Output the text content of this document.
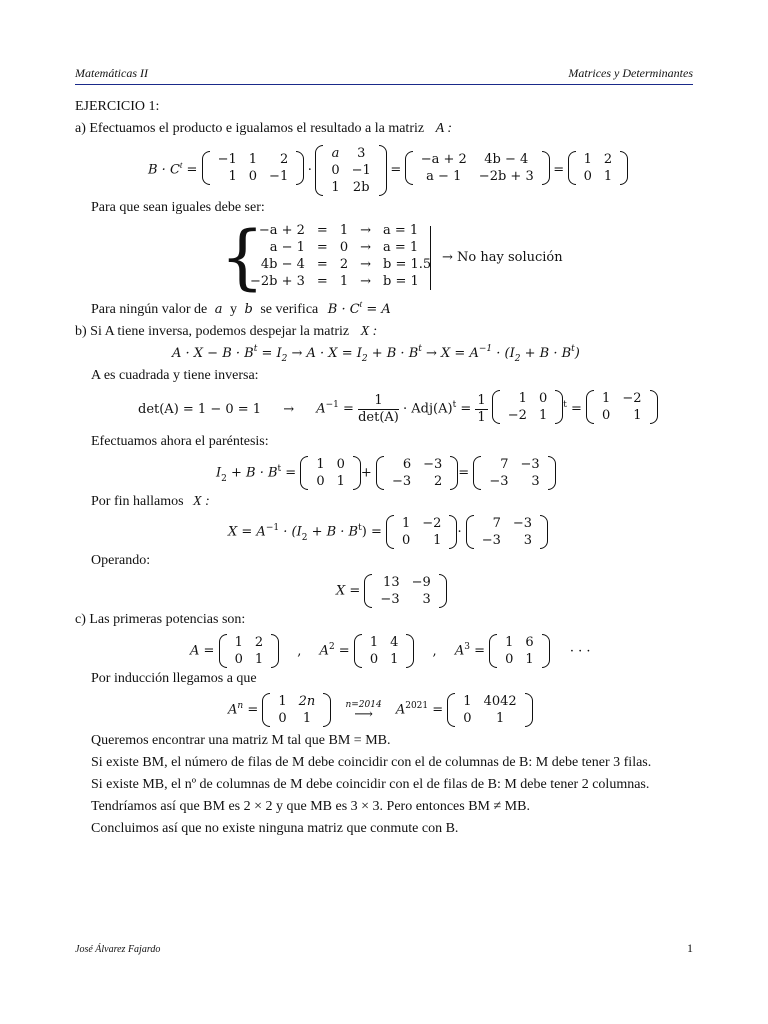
Matemáticas II	Matrices y Determinantes
EJERCICIO 1:
a) Efectuamos el producto e igualamos el resultado a la matriz A :
$B \cdot C^t$ =
−1	1	2
1	0	−1 ·
a	3
0	−1
1	2b
=
−a + 2	4b − 4
a − 1	−2b + 3 =
1	2
0	1
Para que sean iguales debe ser:
{
−a + 2	=	1	→	a = 1
a − 1	=	0	→	a = 1
4b − 4	=	2	→	b = 1.5
−2b + 3	=	1	→	b = 1
→ No hay solución
Para ningún valor de a y b se verifica $B \cdot C^t = A$
b) Si A tiene inversa, podemos despejar la matriz X :
$A \cdot X - B \cdot B^t = I_2 \to A \cdot X = I_2 + B \cdot B^t \to X = A^{-1} \cdot (I_2 + B \cdot B^t)$
A es cuadrada y tiene inversa:
$\det(A) = 1 - 0 = 1 \to A^{-1} = \frac{1}{\det(A)} \cdot Adj(A)^t = \frac{1}{1}$
1	0
−2	1
$^t$ =
1	−2
0	1
Efectuamos ahora el paréntesis:
$I_2 + B \cdot B^t$ =
1	0
0	1
+
6	−3
−3	2
=
7	−3
−3	3
Por fin hallamos X :
$X = A^{-1} \cdot (I_2 + B \cdot B^t)$ =
1	−2
0	1
·
7	−3
−3	3
Operando:
X =
13	−9
−3	3
c) Las primeras potencias son:
A =
1	2
0	1
, $A^2$ =
1	4
0	1
, $A^3$ =
1	6
0	1
· · ·
Por inducción llegamos a que
$A^n$ =
1	2n
0	1

n=2014
⟶	$A^{2021}$ =
1	4042
0	1
Queremos encontrar una matriz M tal que BM = MB.
Si existe BM, el número de filas de M debe coincidir con el de columnas de B: M debe tener 3 filas.
Si existe MB, el nº de columnas de M debe coincidir con el de filas de B: M debe tener 2 columnas.
Tendríamos así que BM es 2 × 2 y que MB es 3 × 3. Pero entonces BM ≠ MB.
Concluimos así que no existe ninguna matriz que conmute con B.
José Álvarez Fajardo	1
